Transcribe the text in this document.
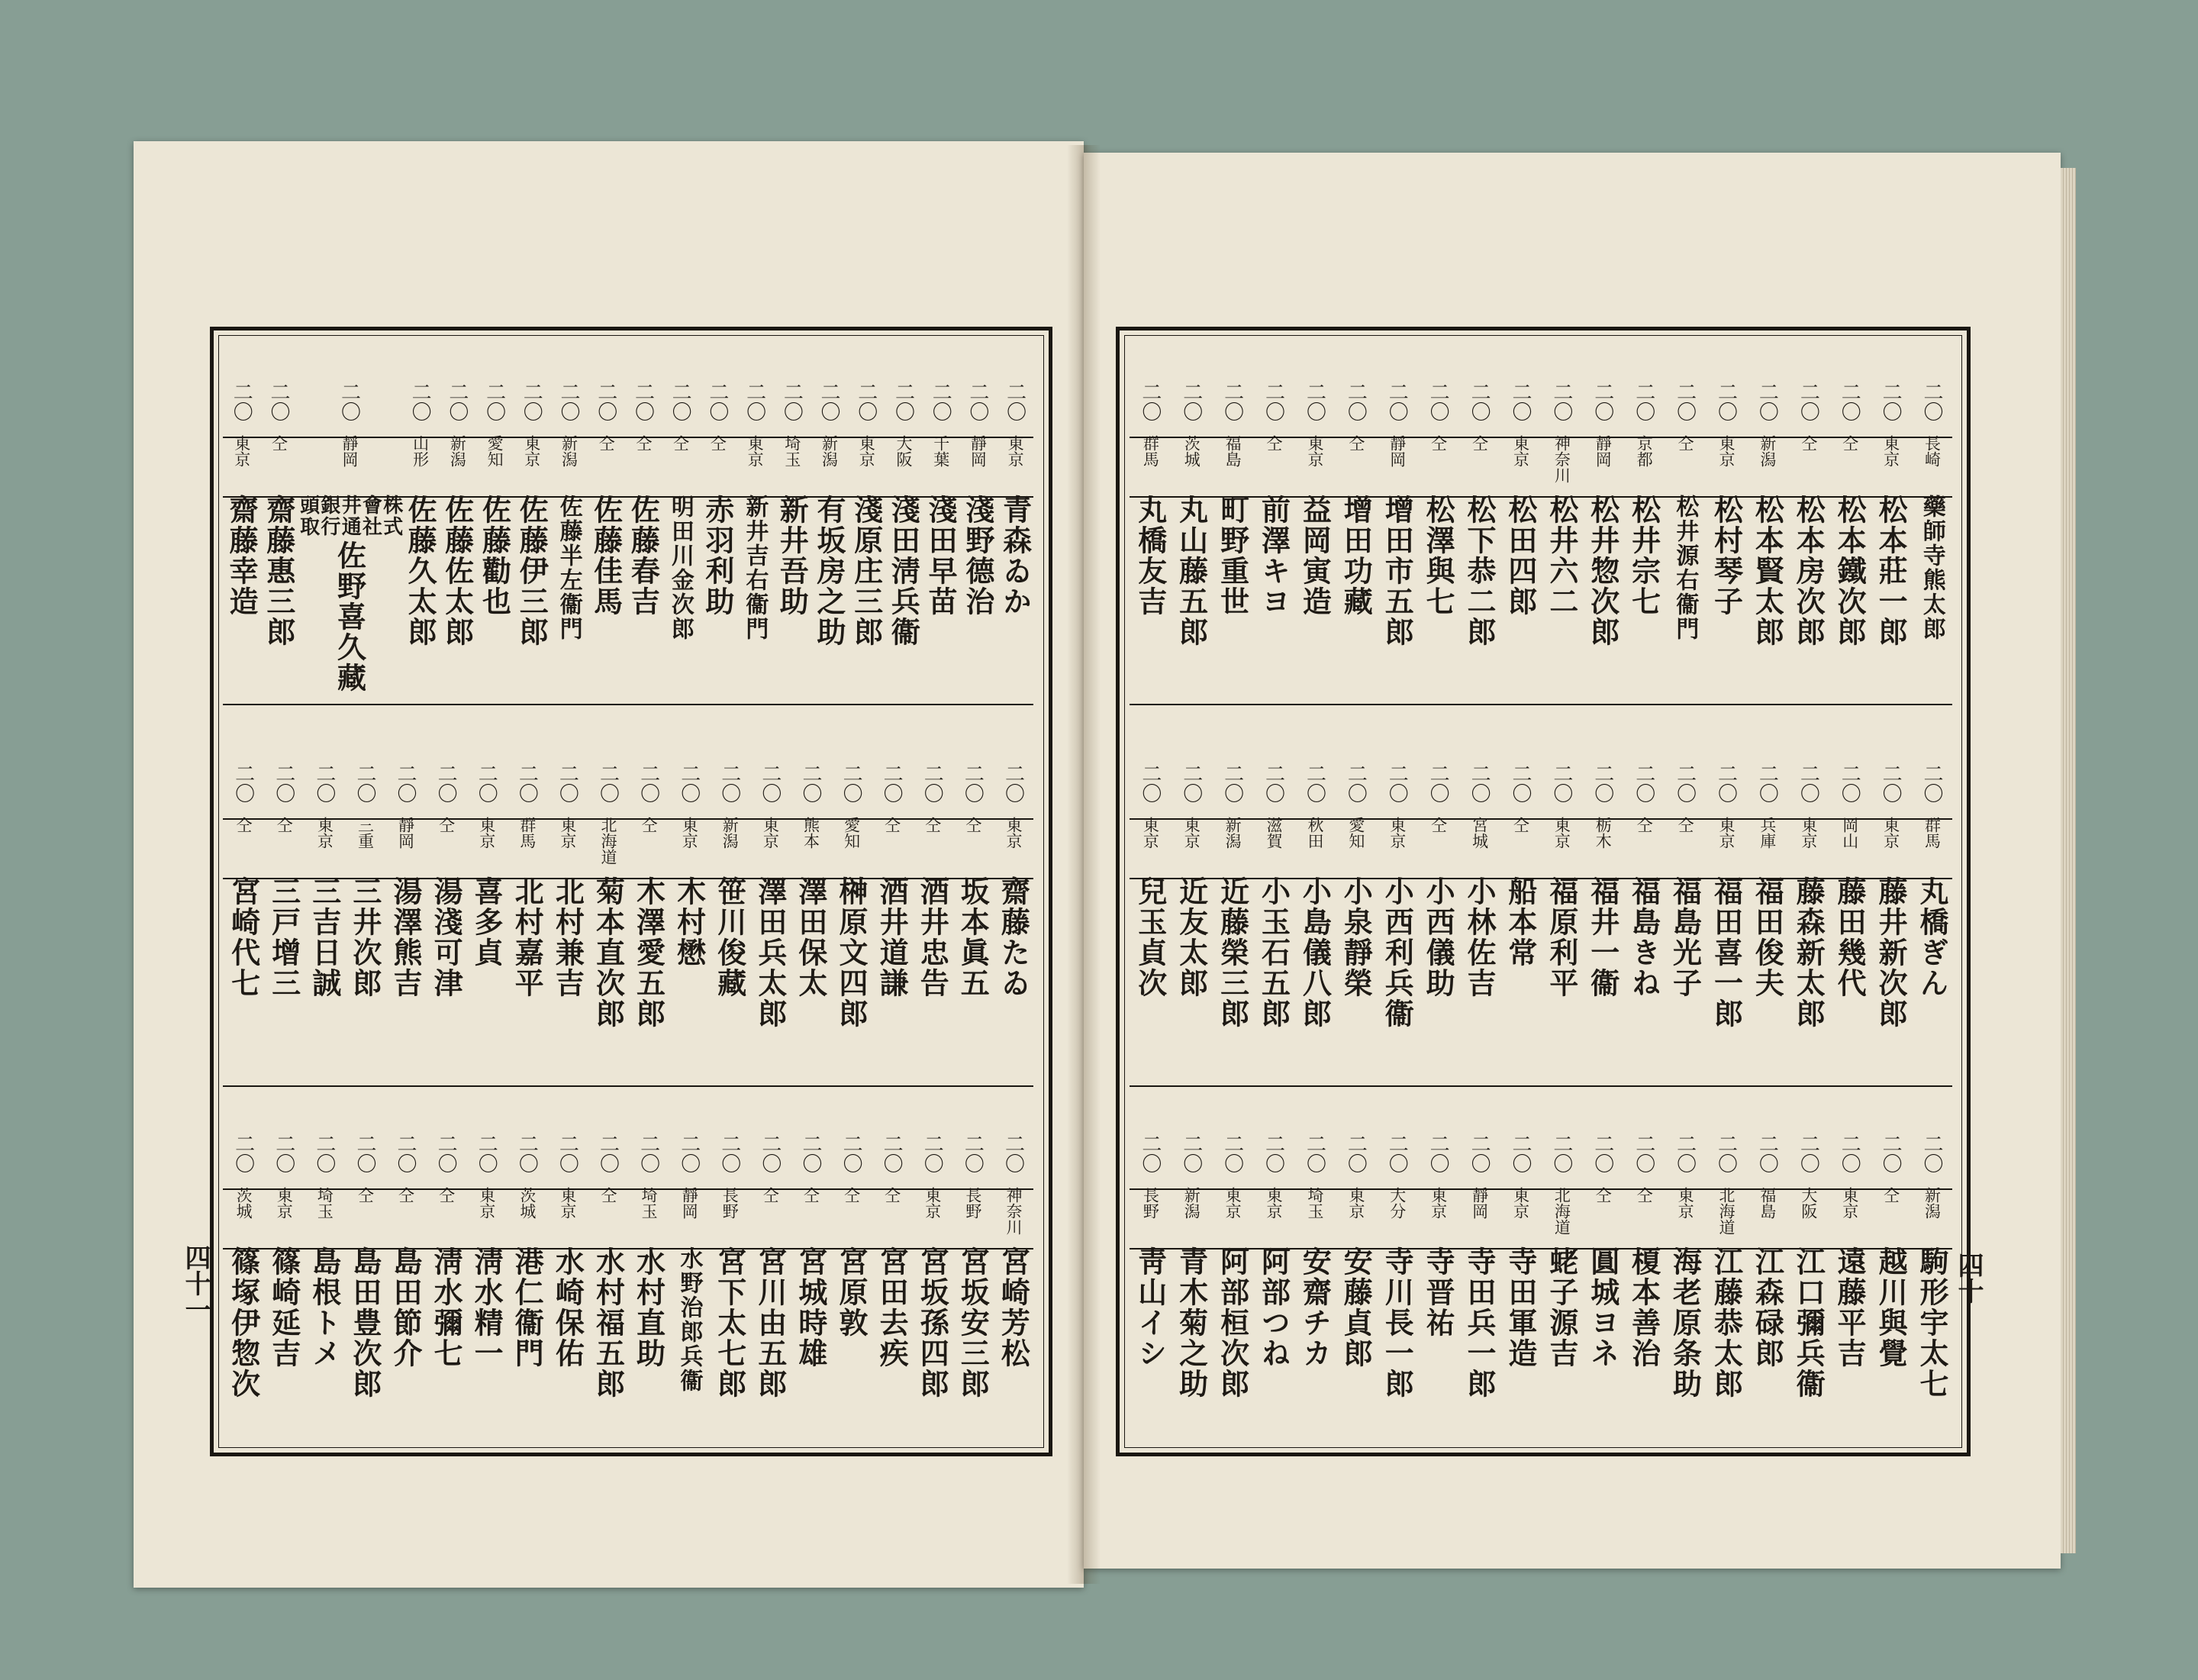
二〇
東京
青森ゐか
二〇
靜岡
淺野德治
二〇
千葉
淺田早苗
二〇
大阪
淺田淸兵衞
二〇
東京
淺原庄三郎
二〇
新潟
有坂房之助
二〇
埼玉
新井吾助
二〇
東京
新井吉右衞門
二〇
仝
赤羽利助
二〇
仝
明田川金次郎
二〇
仝
佐藤春吉
二〇
仝
佐藤佳馬
二〇
新潟
佐藤半左衞門
二〇
東京
佐藤伊三郎
二〇
愛知
佐藤勸也
二〇
新潟
佐藤佐太郎
二〇
山形
佐藤久太郎
二〇
靜岡
株式會社井通銀行頭取
佐野喜久藏
二〇
仝
齋藤惠三郎
二〇
東京
齋藤幸造
二〇
東京
齋藤たゐ
二〇
仝
坂本眞五
二〇
仝
酒井忠告
二〇
仝
酒井道謙
二〇
愛知
榊原文四郎
二〇
熊本
澤田保太
二〇
東京
澤田兵太郎
二〇
新潟
笹川俊藏
二〇
東京
木村懋
二〇
仝
木澤愛五郎
二〇
北海道
菊本直次郎
二〇
東京
北村兼吉
二〇
群馬
北村嘉平
二〇
東京
喜多貞
二〇
仝
湯淺可津
二〇
靜岡
湯澤熊吉
二〇
三重
三井次郎
二〇
東京
三吉日誠
二〇
仝
三戸增三
二〇
仝
宮崎代七
二〇
神奈川
宮崎芳松
二〇
長野
宮坂安三郎
二〇
東京
宮坂孫四郎
二〇
仝
宮田去疾
二〇
仝
宮原敦
二〇
仝
宮城時雄
二〇
仝
宮川由五郎
二〇
長野
宮下太七郎
二〇
靜岡
水野治郎兵衞
二〇
埼玉
水村直助
二〇
仝
水村福五郎
二〇
東京
水崎保佑
二〇
茨城
港仁衞門
二〇
東京
淸水精一
二〇
仝
淸水彌七
二〇
仝
島田節介
二〇
仝
島田豊次郎
二〇
埼玉
島根トメ
二〇
東京
篠崎延吉
二〇
茨城
篠塚伊惣次
二〇
長崎
藥師寺熊太郎
二〇
東京
松本莊一郎
二〇
仝
松本鐵次郎
二〇
仝
松本房次郎
二〇
新潟
松本賢太郎
二〇
東京
松村琴子
二〇
仝
松井源右衞門
二〇
京都
松井宗七
二〇
靜岡
松井惣次郎
二〇
神奈川
松井六二
二〇
東京
松田四郎
二〇
仝
松下恭二郎
二〇
仝
松澤與七
二〇
靜岡
增田市五郎
二〇
仝
增田功藏
二〇
東京
益岡寅造
二〇
仝
前澤キヨ
二〇
福島
町野重世
二〇
茨城
丸山藤五郎
二〇
群馬
丸橋友吉
二〇
群馬
丸橋ぎん
二〇
東京
藤井新次郎
二〇
岡山
藤田幾代
二〇
東京
藤森新太郎
二〇
兵庫
福田俊夫
二〇
東京
福田喜一郎
二〇
仝
福島光子
二〇
仝
福島きね
二〇
栃木
福井一衞
二〇
東京
福原利平
二〇
仝
船本常
二〇
宮城
小林佐吉
二〇
仝
小西儀助
二〇
東京
小西利兵衞
二〇
愛知
小泉靜榮
二〇
秋田
小島儀八郎
二〇
滋賀
小玉石五郎
二〇
新潟
近藤榮三郎
二〇
東京
近友太郎
二〇
東京
兒玉貞次
二〇
新潟
駒形宇太七
二〇
仝
越川與覺
二〇
東京
遠藤平吉
二〇
大阪
江口彌兵衞
二〇
福島
江森碌郎
二〇
北海道
江藤恭太郎
二〇
東京
海老原条助
二〇
仝
榎本善治
二〇
仝
圓城ヨネ
二〇
北海道
蛯子源吉
二〇
東京
寺田軍造
二〇
靜岡
寺田兵一郎
二〇
東京
寺晋祐
二〇
大分
寺川長一郎
二〇
東京
安藤貞郎
二〇
埼玉
安齋チカ
二〇
東京
阿部つね
二〇
東京
阿部桓次郎
二〇
新潟
青木菊之助
二〇
長野
靑山イシ
四十一	四十
